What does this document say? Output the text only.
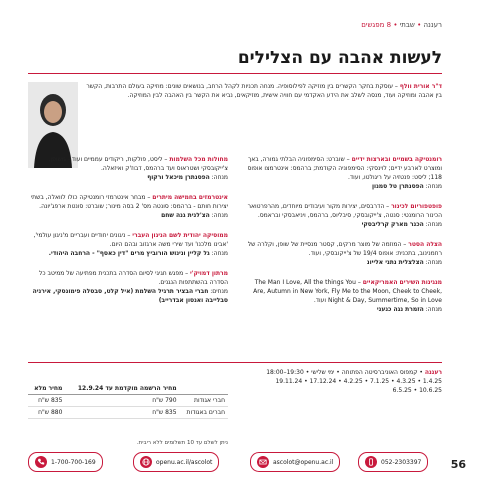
רעננה • שבתי • 8 מפגשים
לעשות אהבה עם הצלילים
ד"ר אורית וולף – עוסקת בחקר הקשרים בין מוזיקה לפילוסופיה. מנחה תכניות לקהל הרחב, בנושאים שונים: מוזיקה בעולם התרבות, הקשר בין אהבה ומוזיקה ועוד, מנסה לשלב את הידע האקדמי עם חוויה אישית, מוזיקאים, נביא את הקשר בין האהבה לבין המוזיקה.
רומנטיקה בשמיים ובארצות ידיים – שוברט: הסימפוניה הבלתי גמורה, באך ומוצרט לארבע ידיים; לוינסקי: הסימפוניה הקודמת; ברהמס: אינטרמצו אופוס 118; ליסט: פנטזיה על ריגולטו, ועוד.
מנחה: הפסנתרן טל סמנון
פופטפוריום לכינור – הדרבסים, יצירות מקור ועיבודים מיוחדים, מהרפרטואר הכינור הרומנטי: סנטה, צ'ייקובסקי, סיבליוס, ברהמס, ויניאבסקי ובראמס.
מנחה: הכנר מארק קרליבסקי
הצלה הסטר – המוזמה של מוצר מרקים, קסטר מנסיית של שופן, וקלרה של רחמנינוב, בתכנית: אופוס 19/4 של צ'ייקובסקי, ועוד.
מנחה: הצלצלית נתני אלייונ
מנגינות השירים האמריקאיים – The Man I Love, All the things You Are, Autumn in New York, Fly Me to the Moon, Cheek to Cheek, Night & Day, Summertime, So in Love ועוד.
מנחה: הזמרת נגה כנעני
מחולות מכל השלמות – ליסט, פולקות, ריקודים עממיים ועוד - משופן, צ'ייקובסקי ושטראוס ועד ברהמס, דבוז'ק ואיזאלה.
מנחה: הפסנתרן מיכאל ורקוף
אינטרמזים בחמישה מיתרים – מבחר אינטרמזי רומנטיקה כולו לוואלה, בשתי יצירות חותם - ברהמס: סונטה מס' 2 בסה מינור; שוברט: סונטת ארפג'יונה.
מנחה: הצ'לנית גנה שחם
ממוסיקה יהודית לשם הניגון העברי – ניגונים יחודיים ועבריים מ'ניגון עולמי', 'אבינו מלכנו' ועד שירי משה ארגזוב ובהם היום.
מנחה: גל קליין ונינוש הורוביץ מרים "דין כאסף" - הרחבה היהודי.
מרתון דמויק'י – מפגש חגיגי לסיום הסדרה בתכנית מפתיעה של ממיטב כל הסדרה בהשתתפות הנגנים.
מנחים: חברי הבציר תרגיל השלמת (איל קלט, סבסלה פימונסקי, אירניה סבלייבה ואנסון אבדרייב)
רעננה • קמפוס האוניברסיטה הפתוחה • ימי שלישי • 19:30–18:00
19.11.24 • 17.12.24 • 4.2.25 • 7.1.25 • 4.3.25 • 1.4.25
6.5.25 • 10.6.25
	מחיר הרשמה מוקדמת עד 12.9.24	מחיר מלא
חברי אגודות	790 ש"ח	835 ש"ח
חברים באגודות	835 ש"ח	880 ש"ח
ניתן לשלם עד 10 תשלומים ללא ריבית.
1-700-700-169	openu.ac.il/ascolot	ascolot@openu.ac.il	052-2303397	56
